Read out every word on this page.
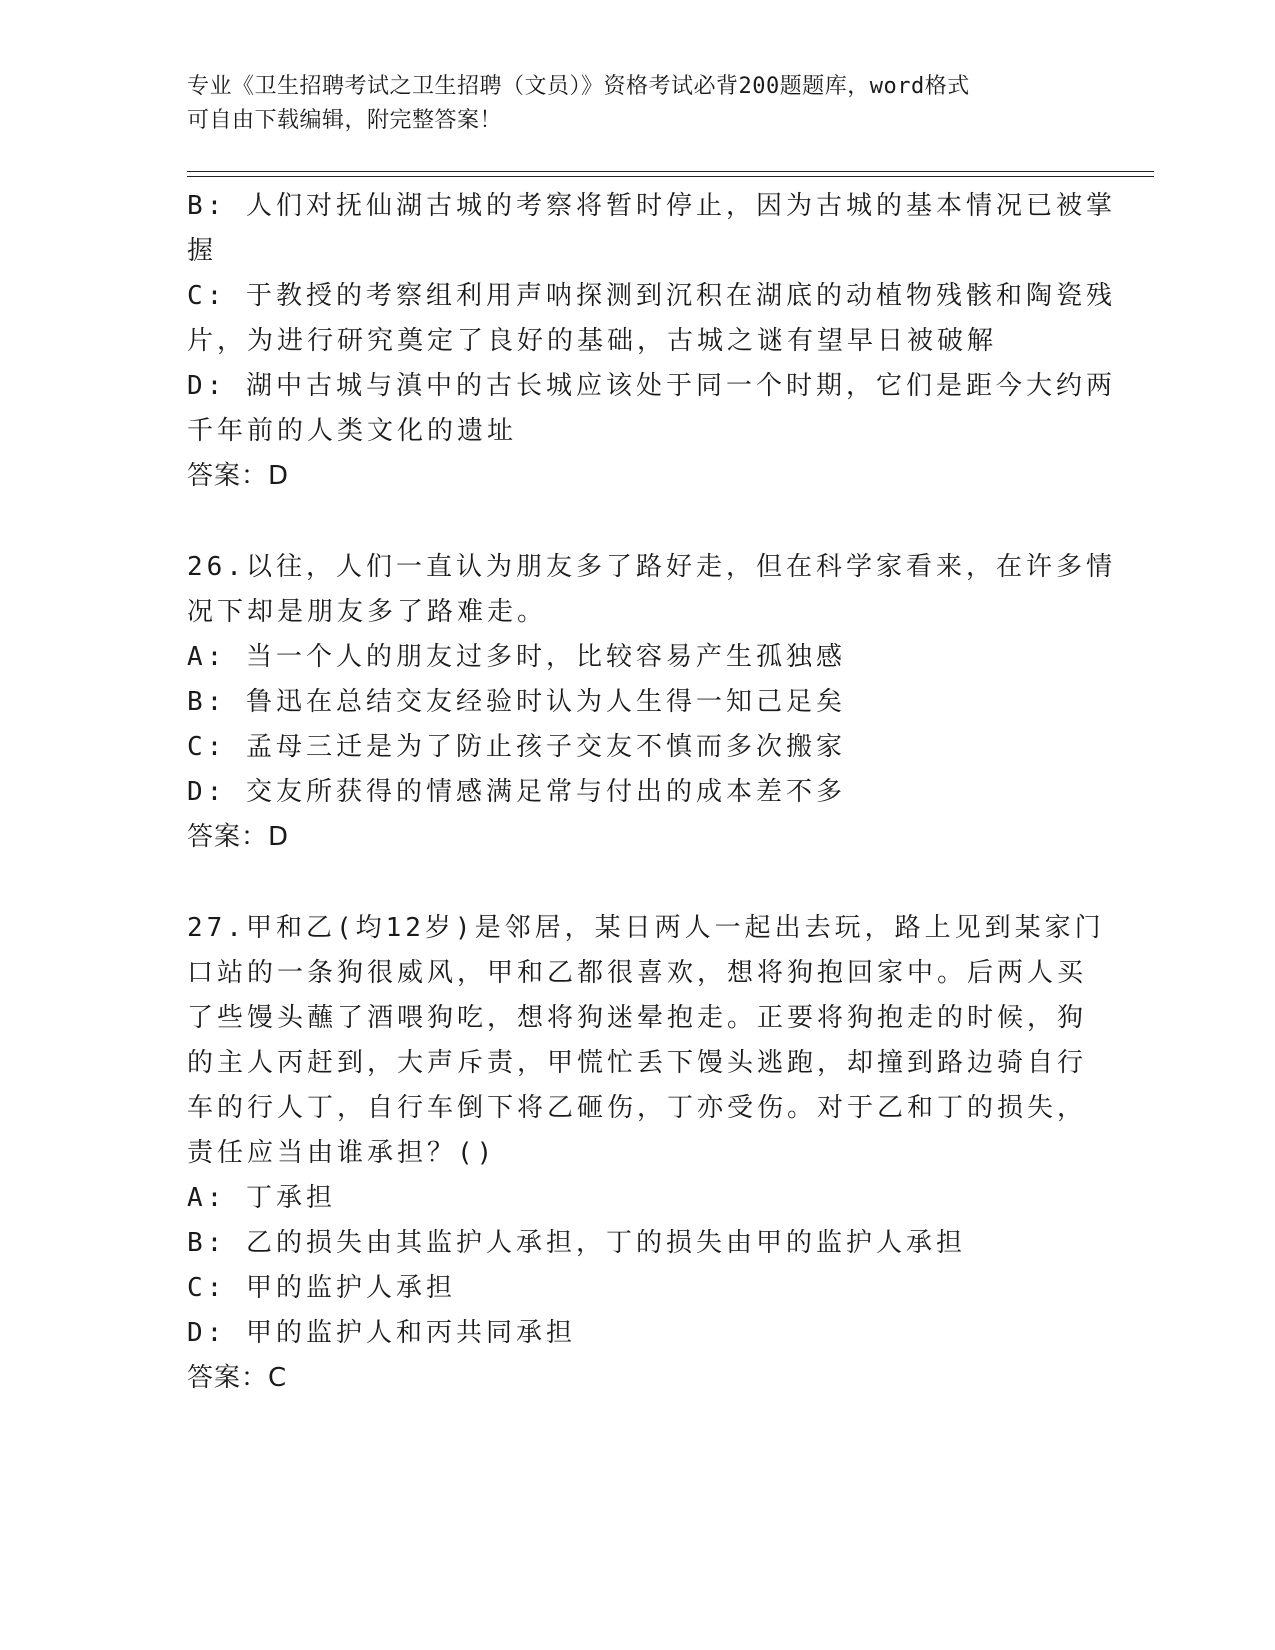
专业《卫生招聘考试之卫生招聘（文员）》资格考试必背200题题库，word格式
可自由下载编辑，附完整答案！
B: 人们对抚仙湖古城的考察将暂时停止，因为古城的基本情况已被掌
握
C: 于教授的考察组利用声呐探测到沉积在湖底的动植物残骸和陶瓷残
片，为进行研究奠定了良好的基础，古城之谜有望早日被破解
D: 湖中古城与滇中的古长城应该处于同一个时期，它们是距今大约两
千年前的人类文化的遗址
答案：D
26.以往，人们一直认为朋友多了路好走，但在科学家看来，在许多情
况下却是朋友多了路难走。
A: 当一个人的朋友过多时，比较容易产生孤独感
B: 鲁迅在总结交友经验时认为人生得一知己足矣
C: 孟母三迁是为了防止孩子交友不慎而多次搬家
D: 交友所获得的情感满足常与付出的成本差不多
答案：D
27.甲和乙(均12岁)是邻居，某日两人一起出去玩，路上见到某家门
口站的一条狗很威风，甲和乙都很喜欢，想将狗抱回家中。后两人买
了些馒头蘸了酒喂狗吃，想将狗迷晕抱走。正要将狗抱走的时候，狗
的主人丙赶到，大声斥责，甲慌忙丢下馒头逃跑，却撞到路边骑自行
车的行人丁，自行车倒下将乙砸伤，丁亦受伤。对于乙和丁的损失，
责任应当由谁承担？()
A: 丁承担
B: 乙的损失由其监护人承担，丁的损失由甲的监护人承担
C: 甲的监护人承担
D: 甲的监护人和丙共同承担
答案：C
